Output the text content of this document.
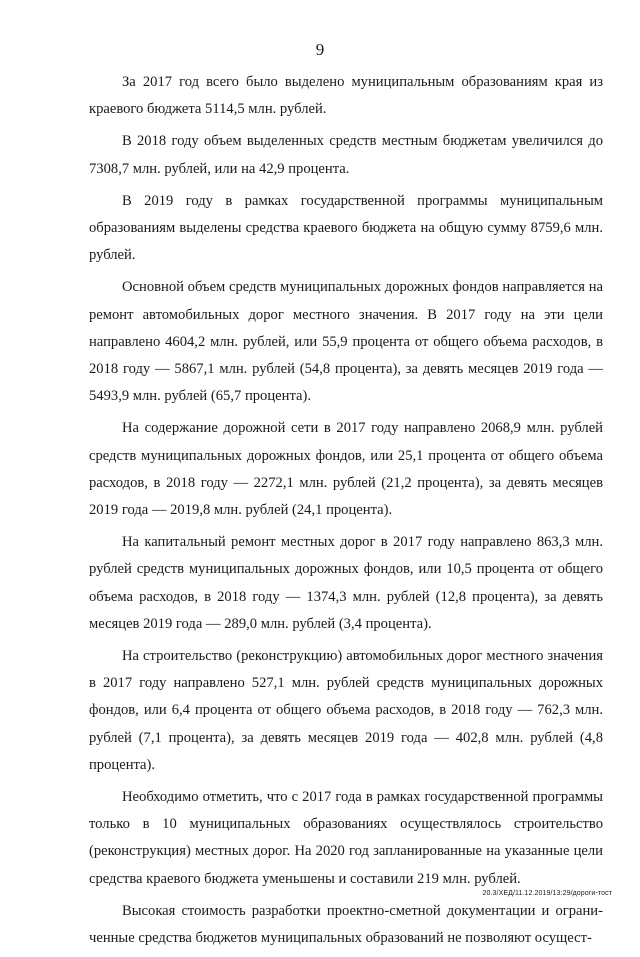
9

За 2017 год всего было выделено муниципальным образованиям края из краевого бюджета 5114,5 млн. рублей.

В 2018 году объем выделенных средств местным бюджетам увеличился до 7308,7 млн. рублей, или на 42,9 процента.

В 2019 году в рамках государственной программы муниципальным образованиям выделены средства краевого бюджета на общую сумму 8759,6 млн. рублей.

Основной объем средств муниципальных дорожных фондов направляется на ремонт автомобильных дорог местного значения. В 2017 году на эти цели направлено 4604,2 млн. рублей, или 55,9 процента от общего объема расходов, в 2018 году — 5867,1 млн. рублей (54,8 процента), за девять месяцев 2019 года — 5493,9 млн. рублей (65,7 процента).

На содержание дорожной сети в 2017 году направлено 2068,9 млн. рублей средств муниципальных дорожных фондов, или 25,1 процента от общего объема расходов, в 2018 году — 2272,1 млн. рублей (21,2 процента), за девять месяцев 2019 года — 2019,8 млн. рублей (24,1 процента).

На капитальный ремонт местных дорог в 2017 году направлено 863,3 млн. рублей средств муниципальных дорожных фондов, или 10,5 процента от общего объема расходов, в 2018 году — 1374,3 млн. рублей (12,8 процента), за девять месяцев 2019 года — 289,0 млн. рублей (3,4 процента).

На строительство (реконструкцию) автомобильных дорог местного значения в 2017 году направлено 527,1 млн. рублей средств муниципальных дорожных фондов, или 6,4 процента от общего объема расходов, в 2018 году — 762,3 млн. рублей (7,1 процента), за девять месяцев 2019 года — 402,8 млн. рублей (4,8 процента).

Необходимо отметить, что с 2017 года в рамках государственной программы только в 10 муниципальных образованиях осуществлялось строительство (реконструкция) местных дорог. На 2020 год запланированные на указанные цели средства краевого бюджета уменьшены и составили 219 млн. рублей.

Высокая стоимость разработки проектно-сметной документации и ограниченные средства бюджетов муниципальных образований не позволяют осущест-

20.3/ХЕД/11.12.2019/13:29/дороги-тост
